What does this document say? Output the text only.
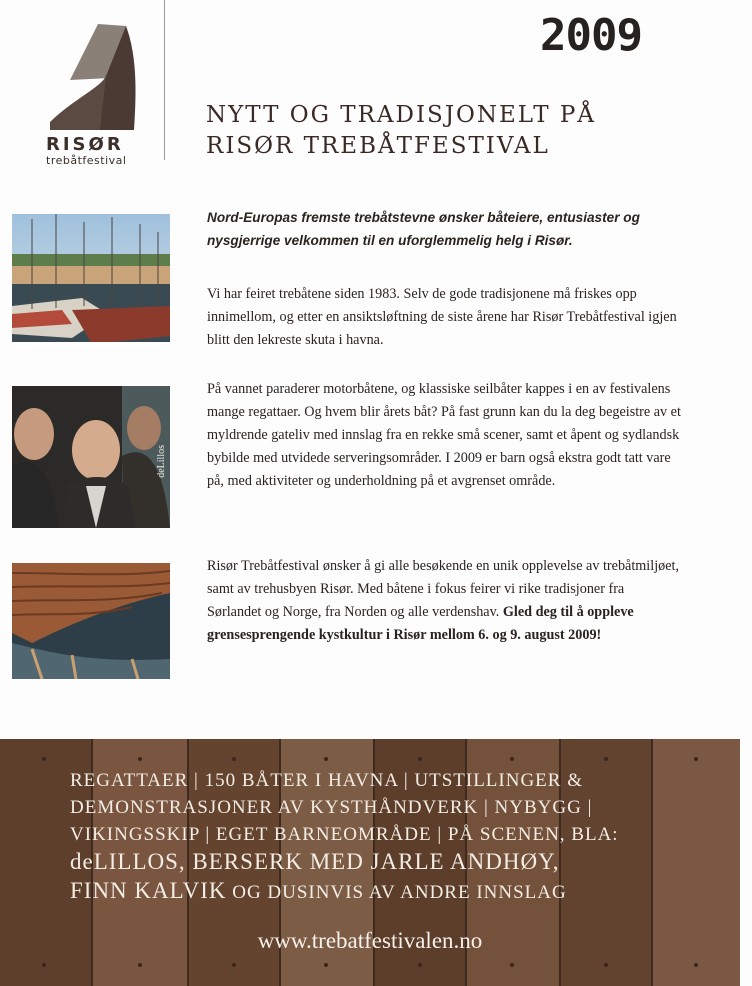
RISØR
trebåtfestival
2009
NYTT OG TRADISJONELT PÅ
RISØR TREBÅTFESTIVAL

Nord-Europas fremste trebåtstevne ønsker båteiere, entusiaster og nysgjerrige velkommen til en uforglemmelig helg i Risør.

Vi har feiret trebåtene siden 1983. Selv de gode tradisjonene må friskes opp innimellom, og etter en ansiktsløftning de siste årene har Risør Trebåtfestival igjen blitt den lekreste skuta i havna.

På vannet paraderer motorbåtene, og klassiske seilbåter kappes i en av festivalens mange regattaer. Og hvem blir årets båt? På fast grunn kan du la deg begeistre av et myldrende gateliv med innslag fra en rekke små scener, samt et åpent og sydlandsk bybilde med utvidede serveringsområder. I 2009 er barn også ekstra godt tatt vare på, med aktiviteter og underholdning på et avgrenset område.

Risør Trebåtfestival ønsker å gi alle besøkende en unik opplevelse av trebåtmiljøet, samt av trehusbyen Risør. Med båtene i fokus feirer vi rike tradisjoner fra Sørlandet og Norge, fra Norden og alle verdenshav. Gled deg til å oppleve grensesprengende kystkultur i Risør mellom 6. og 9. august 2009!

deLillos

REGATTAER | 150 BÅTER I HAVNA | UTSTILLINGER &
DEMONSTRASJONER AV KYSTHÅNDVERK | NYBYGG |
VIKINGSSKIP | EGET BARNEOMRÅDE | PÅ SCENEN, BLA:
deLILLOS, BERSERK MED JARLE ANDHØY,
FINN KALVIK OG DUSINVIS AV ANDRE INNSLAG

www.trebatfestivalen.no
